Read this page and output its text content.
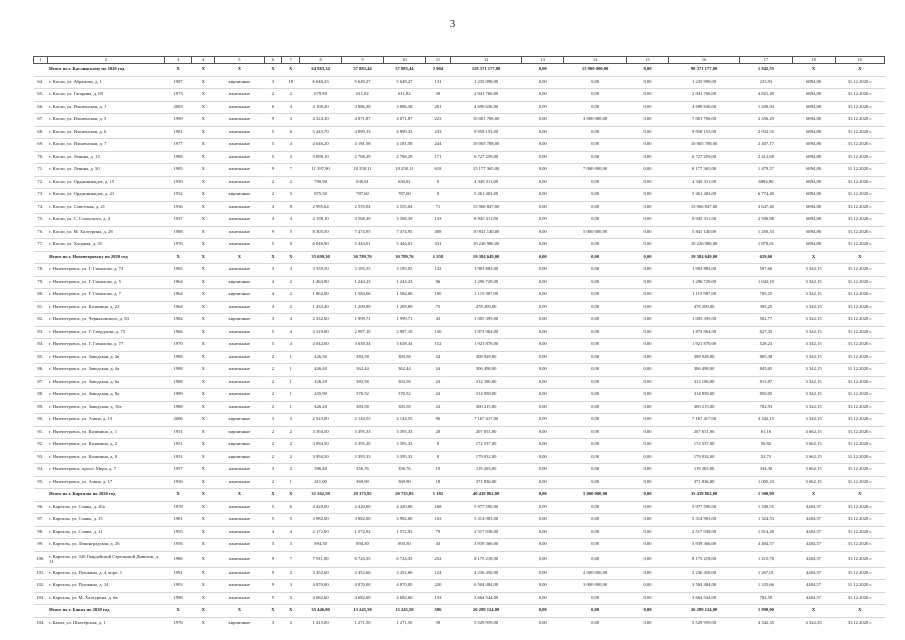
3
1	2	3	4	5	6	7	8	9	10	11	12	13	14	15	16	17	18	19
	Итого по г. Каслинскому по 2020 год	X	X	X	X	X	64 883,34	57 883,44	57 883,44	2 904	118 371 177,00	0,00	15 000 000,00	0,00	98 371 177,00	1 945,55	X	X
64.	г. Касли, ул. Абрамова, д. 1	1987	X	кирпичные	3	18	6 646,23	5 649,27	5 649,27	131	1 235 998,00	0,00	0,00	0,00	1 235 998,00	233,93	6894,80	31.12.2020 г.
65.	г. Касли, ул. Гагарина, д. 69	1973	X	панельные	2	2	679,80	611,82	611,82	39	2 941 766,00	0,00	0,00	0,00	2 941 766,00	4 821,49	6894,80	31.12.2020 г.
66.	г. Касли, ул. Ильменская, д. 1	2003	X	панельные	6	4	4 108,20	3 886,38	3 886,38	201	4 690 636,00	0,00	0,00	0,00	4 690 636,00	1 206,94	6894,80	31.12.2020 г.
67.	г. Касли, ул. Ильменская, д. 5	1999	X	панельные	9	3	4 524,30	4 071,87	4 071,87	223	10 001 706,00	0,00	3 000 000,00	0,00	7 001 706,00	2 456,29	6894,80	31.12.2020 г.
68.	г. Касли, ул. Ильменская, д. 6	1981	X	панельные	5	6	5 443,70	4 899,33	4 899,33	233	9 958 153,00	0,00	0,00	0,00	9 958 153,00	2 032,55	6894,80	31.12.2020 г.
69.	г. Касли, ул. Ильменская, д. 7	1977	X	панельные	5	4	4 646,20	4 181,58	4 181,58	244	10 065 788,00	0,00	0,00	0,00	10 065 788,00	2 407,17	6894,80	31.12.2020 г.
70.	г. Касли, ул. Ленина, д. 13	1988	X	панельные	5	3	3 098,10	2 788,29	2 788,29	171	6 727 259,00	0,00	0,00	0,00	6 727 259,00	2 412,68	6894,80	31.12.2020 г.
71.	г. Касли, ул. Ленина, д. 50	1985	X	панельные	9	7	11 397,90	10 258,11	10 258,11	618	15 177 365,00	0,00	7 000 000,00	0,00	8 177 365,00	1 479,57	6894,80	31.12.2020 г.
72.	г. Касли, ул. Орджоникидзе, д. 15	1939	X	панельные	2	2	700,90	630,81	630,81	0	4 349 311,00	0,00	0,00	0,00	4 349 311,00	6894,80	6894,80	31.12.2020 г.
73.	г. Касли, ул. Орджоникидзе, д. 21	1932	X	кирпичные	2	3	875,30	787,60	787,60	0	5 261 403,00	0,00	0,00	0,00	5 261 403,00	6 774,40	6894,80	31.12.2020 г.
74.	г. Касли, ул. Советская, д. 21	1936	X	панельные	4	8	2 995,64	2 555,04	2 555,04	71	15 966 847,00	0,00	0,00	0,00	15 966 847,00	3 647,46	6894,80	31.12.2020 г.
75.	г. Касли, ул. С. Стальского, д. 4	1937	X	панельные	4	4	4 198,10	3 568,39	3 568,39	133	8 945 311,00	0,00	0,00	0,00	8 945 311,00	2 506,88	6894,80	31.12.2020 г.
76.	г. Касли, ул. М. Халтурина, д. 28	1988	X	панельные	9	5	8 305,50	7 474,95	7 474,95	408	10 841 140,00	0,00	5 000 000,00	0,00	5 841 140,00	1 450,33	6894,80	31.12.2020 г.
77.	г. Касли, ул. Хлорная, д. 35	1976	X	панельные	5	8	6 048,90	5 444,01	5 444,01	331	10 226 986,00	0,00	0,00	0,00	10 226 986,00	1 878,61	6894,80	31.12.2020 г.
	Итого по г. Нязепетровску по 2020 год	X	X	X	X	X	35 699,30	30 789,76	30 789,76	1 258	19 384 649,00	0,00	0,00	0,00	19 384 649,00	629,60	X	X
78.	г. Нязепетровск, ул. Г. Гималова, д. 73	1965	X	панельные	3	4	3 539,50	3 185,55	3 185,55	132	1 903 883,00	0,00	0,00	0,00	1 903 883,00	597,66	3 342,15	31.12.2020 г.
79.	г. Нязепетровск, ул. Г. Гималова, д. 5	1964	X	кирпичные	4	2	1 463,80	1 244,23	1 244,23	96	1 296 729,00	0,00	0,00	0,00	1 296 729,00	1 042,19	3 342,15	31.12.2020 г.
80.	г. Нязепетровск, ул. Г. Гималова, д. 7	1964	X	кирпичные	4	2	1 862,00	1 584,06	1 584,06	100	1 115 987,00	0,00	0,00	0,00	1 115 987,00	705,25	3 342,15	31.12.2020 г.
81.	г. Нязепетровск, ул. Калинина, д. 23	1964	X	панельные	4	2	1 433,40	1 209,89	1 209,89	75	478 209,00	0,00	0,00	0,00	478 209,00	395,25	3 342,15	31.12.2020 г.
82.	г. Нязепетровск, ул. Черняховского, д. 63	1982	X	кирпичные	3	4	2 332,60	1 999,71	1 999,71	43	1 005 395,00	0,00	0,00	0,00	1 005 395,00	502,77	3 342,15	31.12.2020 г.
83.	г. Нязепетровск, ул. Г. Свердлова, д. 75	1966	X	панельные	5	4	3 319,00	2 987,10	2 987,10	130	1 873 964,00	0,00	0,00	0,00	1 873 964,00	627,35	3 342,15	31.12.2020 г.
84.	г. Нязепетровск, ул. Г. Гималова, д. 77	1970	X	панельные	5	4	4 042,60	3 638,34	3 638,34	152	1 921 870,00	0,00	0,00	0,00	1 921 870,00	528,23	3 342,15	31.12.2020 г.
85.	г. Нязепетровск, ул. Заводская, д. 2в	1988	X	панельные	2	1	426,30	383,58	383,58	24	308 928,00	0,00	0,00	0,00	308 928,00	805,38	3 342,15	31.12.2020 г.
86.	г. Нязепетровск, ул. Заводская, д. 4а	1988	X	панельные	2	1	426,40	362,44	362,44	24	306 498,00	0,00	0,00	0,00	306 498,00	845,65	3 342,15	31.12.2020 г.
87.	г. Нязепетровск, ул. Заводская, д. 6а	1988	X	панельные	2	1	426,20	383,58	383,58	24	312 186,00	0,00	0,00	0,00	312 186,00	813,87	3 342,15	31.12.2020 г.
88.	г. Нязепетровск, ул. Заводская, д. 8а	1989	X	панельные	2	1	435,90	370,52	370,52	24	314 958,00	0,00	0,00	0,00	314 958,00	850,05	3 342,15	31.12.2020 г.
89.	г. Нязепетровск, ул. Заводская, д. 10а	1988	X	панельные	2	1	426,20	383,58	383,58	24	300 215,00	0,00	0,00	0,00	300 215,00	782,93	3 342,15	31.12.2020 г.
90.	г. Нязепетровск, ул. Азина, д. 13	2006	X	кирпичные	3	3	2 523,00	2 144,55	2 144,55	96	7 167 417,00	0,00	0,00	0,00	7 167 417,00	3 342,15	3 342,15	31.12.2020 г.
91.	г. Нязепетровск, ул. Калинина, д. 1	1951	X	кирпичные	2	2	3 394,50	3 395,33	3 395,33	20	207 651,00	0,00	0,00	0,00	207 651,00	61,16	3 662,15	31.12.2020 г.
92.	г. Нязепетровск, ул. Калинина, д. 2	1951	X	кирпичные	2	2	3 994,50	3 395,20	3 395,33	8	172 537,00	0,00	0,00	0,00	172 537,00	50,82	3 662,15	31.12.2020 г.
93.	г. Нязепетровск, ул. Калинина, д. 8	1951	X	кирпичные	2	2	3 994,50	3 395,33	3 395,33	8	179 032,00	0,00	0,00	0,00	179 032,00	52,73	3 662,15	31.12.2020 г.
94.	г. Нязепетровск, просп. Мира, д. 7	1957	X	панельные	3	2	396,40	356,76	356,76	19	119 265,00	0,00	0,00	0,00	119 265,00	334,30	3 662,15	31.12.2020 г.
95.	г. Нязепетровск, ул. Азина, д. 17	1956	X	панельные	2	1	411,00	369,90	369,90	18	371 836,00	0,00	0,00	0,00	371 836,00	1 005,23	3 662,15	31.12.2020 г.
	Итого по г. Карталы по 2020 год	X	X	X	X	X	31 562,50	29 375,85	20 735,85	1 182	40 439 862,00	0,00	5 000 000,00	0,00	35 439 862,00	1 300,09	X	X
96.	г. Карталы, ул. Славы, д. 20а	1978	X	панельные	5	6	4 420,00	4 420,00	4 420,00	168	5 977 590,00	0,00	0,00	0,00	5 977 590,00	1 349,55	4404,57	31.12.2020 г.
97.	г. Карталы, ул. Славы, д. 15	1981	X	панельные	5	5	3 982,00	3 982,00	3 982,00	163	5 314 903,00	0,00	0,00	0,00	5 314 903,00	1 324,53	4404,57	31.12.2020 г.
98.	г. Карталы, ул. Славы, д. 11	1955	X	панельные	4	4	2 172,00	1 572,92	1 572,92	79	2 517 038,00	0,00	0,00	0,00	2 517 038,00	1 814,28	4404,57	31.12.2020 г.
99.	г. Карталы, ул. Ленинградская, д. 26	1956	X	панельные	3	3	894,30	894,30	894,30	43	3 939 366,00	0,00	0,00	0,00	3 939 366,00	4 404,57	4404,57	31.12.2020 г.
100.	г. Карталы, ул. 34б Гвардейской Стрелковой Дивизии, д. 11	1986	X	панельные	9	7	7 911,00	6 724,35	6 724,35	252	8 175 218,00	0,00	0,00	0,00	8 175 218,00	1 215,76	4404,57	31.12.2020 г.
101.	г. Карталы, ул. Пушкина, д. 4, корп. 1	1991	X	панельные	9	2	3 452,60	3 452,60	3 452,60	124	4 236 450,00	0,00	2 000 000,00	0,00	2 236 450,00	1 267,01	4404,57	31.12.2020 г.
102.	г. Карталы, ул. Пушкина, д. 14	1993	X	панельные	9	3	4 870,00	4 870,00	4 870,00	220	6 504 484,00	0,00	3 000 000,00	0,00	3 504 484,00	1 335,66	4404,57	31.12.2020 г.
103.	г. Карталы, ул. М. Халтурина, д. 6в	1998	X	панельные	5	3	4 682,60	4 682,60	4 682,60	133	3 664 544,00	0,00	0,00	0,00	3 664 544,00	782,59	4404,57	31.12.2020 г.
	Итого по г. Бакал по 2020 год	X	X	X	X	X	35 446,00	13 245,50	13 245,50	586	26 289 124,00	0,00	0,00	0,00	26 289 124,00	1 990,00	X	X
104.	г. Бакал, ул. Шахтёрская, д. 1	1976	X	кирпичные	3	2	1 415,00	1 271,50	1 271,50	39	5 529 959,00	0,00	0,00	0,00	5 529 959,00	4 342,35	4 342,35	31.12.2020 г.
